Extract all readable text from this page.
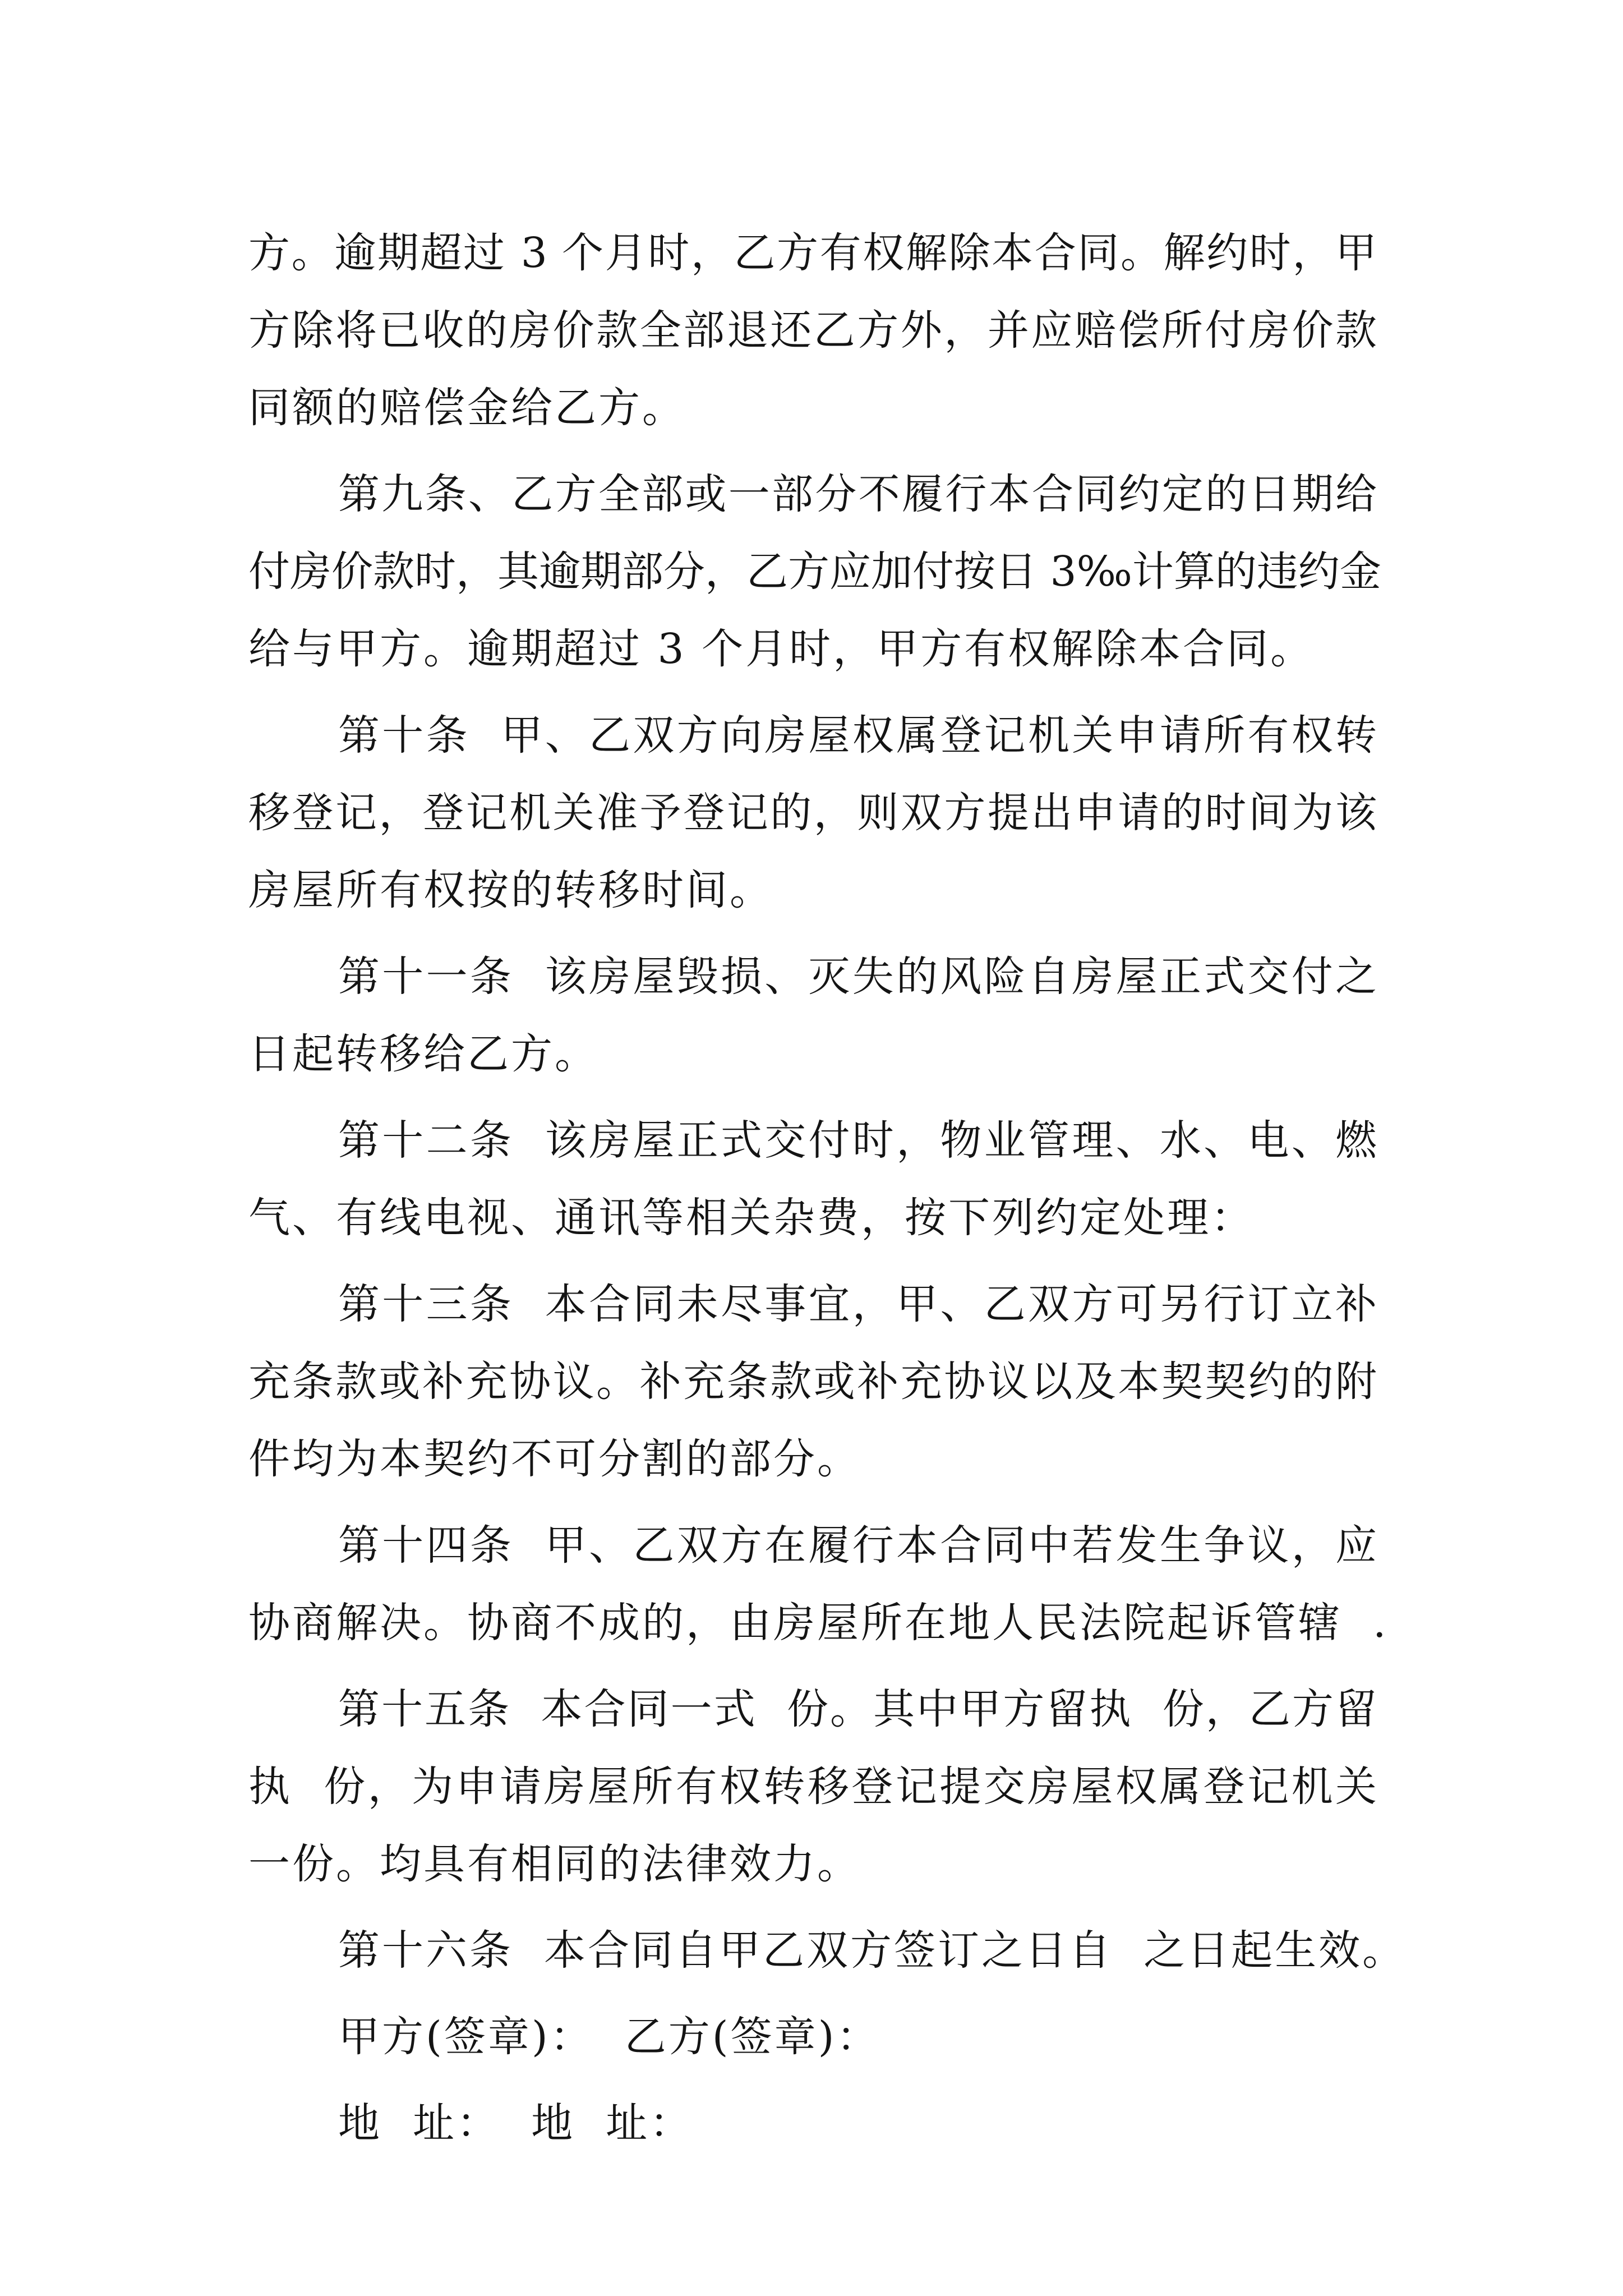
方。逾期超过 3 个月时，乙方有权解除本合同。解约时，甲
方除将已收的房价款全部退还乙方外，并应赔偿所付房价款
同额的赔偿金给乙方。
第九条、乙方全部或一部分不履行本合同约定的日期给
付房价款时，其逾期部分，乙方应加付按日 3‰计算的违约金
给与甲方。逾期超过 3 个月时，甲方有权解除本合同。
第十条  甲、乙双方向房屋权属登记机关申请所有权转
移登记，登记机关准予登记的，则双方提出申请的时间为该
房屋所有权按的转移时间。
第十一条  该房屋毁损、灭失的风险自房屋正式交付之
日起转移给乙方。
第十二条  该房屋正式交付时，物业管理、水、电、燃
气、有线电视、通讯等相关杂费，按下列约定处理：
第十三条  本合同未尽事宜，甲、乙双方可另行订立补
充条款或补充协议。补充条款或补充协议以及本契契约的附
件均为本契约不可分割的部分。
第十四条  甲、乙双方在履行本合同中若发生争议，应
协商解决。协商不成的，由房屋所在地人民法院起诉管辖  .
第十五条  本合同一式  份。其中甲方留执  份，乙方留
执  份，为申请房屋所有权转移登记提交房屋权属登记机关
一份。均具有相同的法律效力。
第十六条  本合同自甲乙双方签订之日自  之日起生效。
甲方(签章)： 乙方(签章)：
地  址： 地  址：
